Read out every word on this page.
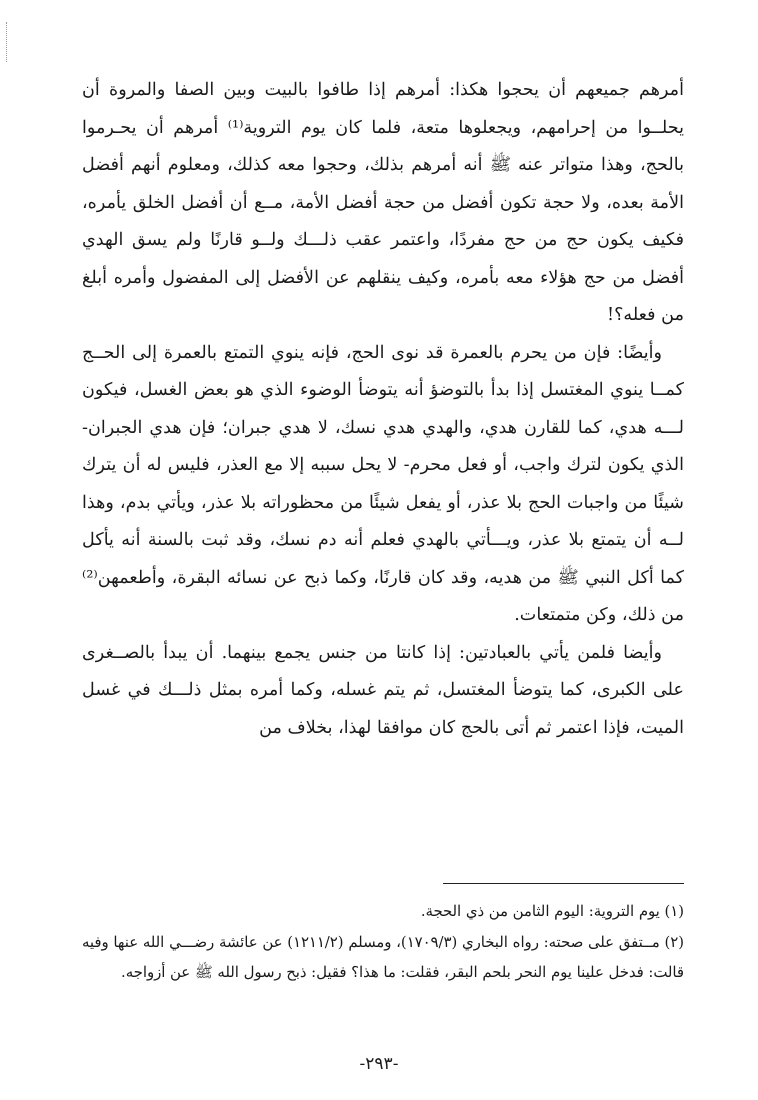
أمرهم جميعهم أن يحجوا هكذا: أمرهم إذا طافوا بالبيت وبين الصفا والمروة أن يحلــوا من إحرامهم، ويجعلوها متعة، فلما كان يوم التروية⁽¹⁾ أمرهم أن يحـرموا بالحج، وهذا متواتر عنه ﷺ أنه أمرهم بذلك، وحجوا معه كذلك، ومعلوم أنهم أفضل الأمة بعده، ولا حجة تكون أفضل من حجة أفضل الأمة، مــع أن أفضل الخلق يأمره، فكيف يكون حج من حج مفردًا، واعتمر عقب ذلـــك ولــو قارنًا ولم يسق الهدي أفضل من حج هؤلاء معه بأمره، وكيف ينقلهم عن الأفضل إلى المفضول وأمره أبلغ من فعله؟!

وأيضًا: فإن من يحرم بالعمرة قد نوى الحج، فإنه ينوي التمتع بالعمرة إلى الحــج كمــا ينوي المغتسل إذا بدأ بالتوضؤ أنه يتوضأ الوضوء الذي هو بعض الغسل، فيكون لـــه هدي، كما للقارن هدي، والهدي هدي نسك، لا هدي جبران؛ فإن هدي الجبران- الذي يكون لترك واجب، أو فعل محرم- لا يحل سببه إلا مع العذر، فليس له أن يترك شيئًا من واجبات الحج بلا عذر، أو يفعل شيئًا من محظوراته بلا عذر، ويأتي بدم، وهذا لــه أن يتمتع بلا عذر، ويـــأتي بالهدي فعلم أنه دم نسك، وقد ثبت بالسنة أنه يأكل كما أكل النبي ﷺ من هديه، وقد كان قارنًا، وكما ذبح عن نسائه البقرة، وأطعمهن⁽²⁾ من ذلك، وكن متمتعات.

وأيضا فلمن يأتي بالعبادتين: إذا كانتا من جنس يجمع بينهما. أن يبدأ بالصــغرى على الكبرى، كما يتوضأ المغتسل، ثم يتم غسله، وكما أمره بمثل ذلـــك في غسل الميت، فإذا اعتمر ثم أتى بالحج كان موافقا لهذا، بخلاف من

(١) يوم التروية: اليوم الثامن من ذي الحجة.

(٢) مــتفق على صحته: رواه البخاري (١٧٠٩/٣)، ومسلم (١٢١١/٢) عن عائشة رضـــي الله عنها وفيه قالت: فدخل علينا يوم النحر بلحم البقر، فقلت: ما هذا؟ فقيل: ذبح رسول الله ﷺ عن أزواجه.

-٢٩٣-
